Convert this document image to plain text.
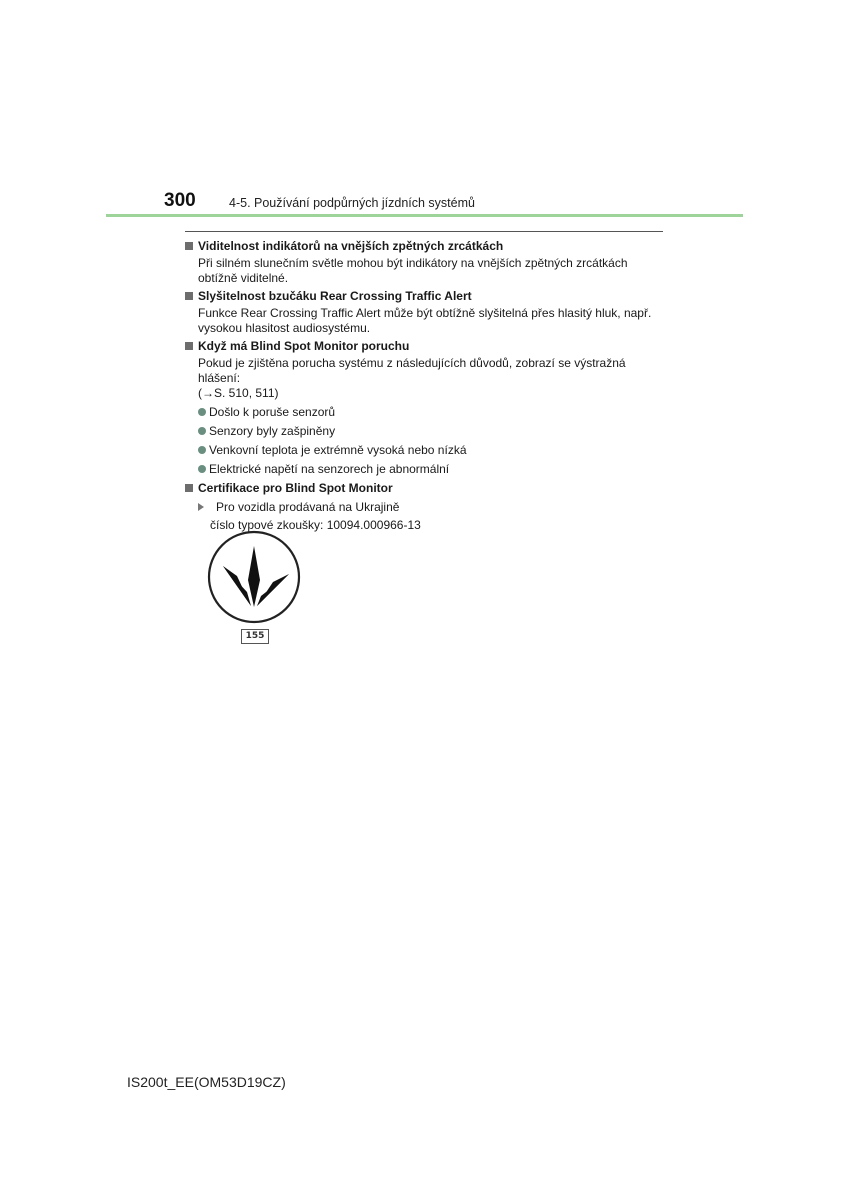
300	4-5. Používání podpůrných jízdních systémů
Viditelnost indikátorů na vnějších zpětných zrcátkách
Při silném slunečním světle mohou být indikátory na vnějších zpětných zrcátkách obtížně viditelné.
Slyšitelnost bzučáku Rear Crossing Traffic Alert
Funkce Rear Crossing Traffic Alert může být obtížně slyšitelná přes hlasitý hluk, např. vysokou hlasitost audiosystému.
Když má Blind Spot Monitor poruchu
Pokud je zjištěna porucha systému z následujících důvodů, zobrazí se výstražná hlášení:
(→S. 510, 511)
Došlo k poruše senzorů
Senzory byly zašpiněny
Venkovní teplota je extrémně vysoká nebo nízká
Elektrické napětí na senzorech je abnormální
Certifikace pro Blind Spot Monitor
Pro vozidla prodávaná na Ukrajině
číslo typové zkoušky: 10094.000966-13
155
IS200t_EE(OM53D19CZ)
